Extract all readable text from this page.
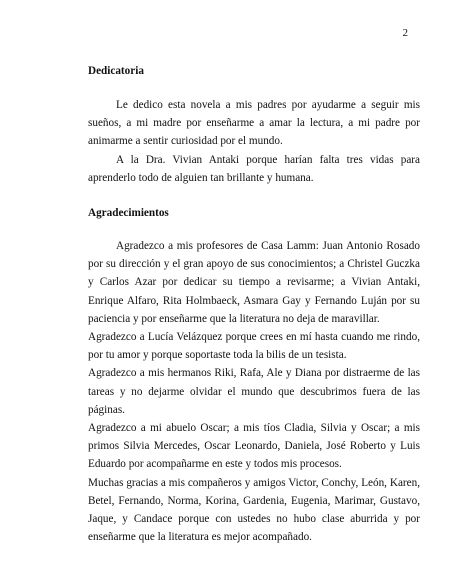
2
Dedicatoria

Le dedico esta novela a mis padres por ayudarme a seguir mis sueños, a mi madre por enseñarme a amar la lectura, a mi padre por animarme a sentir curiosidad por el mundo.

A la Dra. Vivian Antaki porque harían falta tres vidas para aprenderlo todo de alguien tan brillante y humana.

Agradecimientos

Agradezco a mis profesores de Casa Lamm: Juan Antonio Rosado por su dirección y el gran apoyo de sus conocimientos; a Christel Guczka y Carlos Azar por dedicar su tiempo a revisarme; a Vivian Antaki, Enrique Alfaro, Rita Holmbaeck, Asmara Gay y Fernando Luján por su paciencia y por enseñarme que la literatura no deja de maravillar.

Agradezco a Lucía Velázquez porque crees en mí hasta cuando me rindo, por tu amor y porque soportaste toda la bilis de un tesista.

Agradezco a mis hermanos Riki, Rafa, Ale y Diana por distraerme de las tareas y no dejarme olvidar el mundo que descubrimos fuera de las páginas.

Agradezco a mi abuelo Oscar; a mis tíos Cladia, Silvia y Oscar; a mis primos Silvia Mercedes, Oscar Leonardo, Daniela, José Roberto y Luis Eduardo por acompañarme en este y todos mis procesos.

Muchas gracias a mis compañeros y amigos Victor, Conchy, León, Karen, Betel, Fernando, Norma, Korina, Gardenia, Eugenia, Marimar, Gustavo, Jaque, y Candace porque con ustedes no hubo clase aburrida y por enseñarme que la literatura es mejor acompañado.
